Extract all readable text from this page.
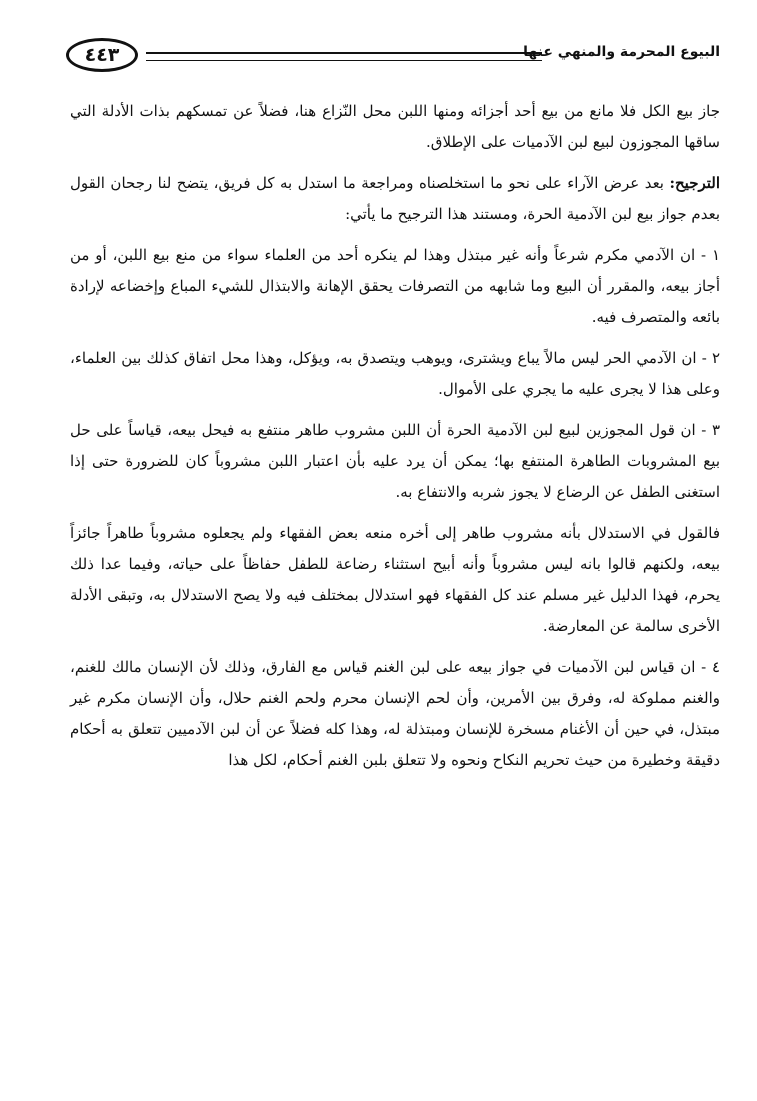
البيوع المحرمة والمنهي عنها
٤٤٣

جاز بيع الكل فلا مانع من بيع أحد أجزائه ومنها اللبن محل النّزاع هنا، فضلاً عن تمسكهم بذات الأدلة التي ساقها المجوزون لبيع لبن الآدميات على الإطلاق.

الترجيح: بعد عرض الآراء على نحو ما استخلصناه ومراجعة ما استدل به كل فريق، يتضح لنا رجحان القول بعدم جواز بيع لبن الآدمية الحرة، ومستند هذا الترجيح ما يأتي:

١ - ان الآدمي مكرم شرعاً وأنه غير مبتذل وهذا لم ينكره أحد من العلماء سواء من منع بيع اللبن، أو من أجاز بيعه، والمقرر أن البيع وما شابهه من التصرفات يحقق الإهانة والابتذال للشيء المباع وإخضاعه لإرادة بائعه والمتصرف فيه.

٢ - ان الآدمي الحر ليس مالاً يباع ويشترى، ويوهب ويتصدق به، ويؤكل، وهذا محل اتفاق كذلك بين العلماء، وعلى هذا لا يجرى عليه ما يجري على الأموال.

٣ - ان قول المجوزين لبيع لبن الآدمية الحرة أن اللبن مشروب طاهر منتفع به فيحل بيعه، قياساً على حل بيع المشروبات الطاهرة المنتفع بها؛ يمكن أن يرد عليه بأن اعتبار اللبن مشروباً كان للضرورة حتى إذا استغنى الطفل عن الرضاع لا يجوز شربه والانتفاع به.

فالقول في الاستدلال بأنه مشروب طاهر إلى أخره منعه بعض الفقهاء ولم يجعلوه مشروباً طاهراً جائزاً بيعه، ولكنهم قالوا بانه ليس مشروباً وأنه أبيح استثناء رضاعة للطفل حفاظاً على حياته، وفيما عدا ذلك يحرم، فهذا الدليل غير مسلم عند كل الفقهاء فهو استدلال بمختلف فيه ولا يصح الاستدلال به، وتبقى الأدلة الأخرى سالمة عن المعارضة.

٤ - ان قياس لبن الآدميات في جواز بيعه على لبن الغنم قياس مع الفارق، وذلك لأن الإنسان مالك للغنم، والغنم مملوكة له، وفرق بين الأمرين، وأن لحم الإنسان محرم ولحم الغنم حلال، وأن الإنسان مكرم غير مبتذل، في حين أن الأغنام مسخرة للإنسان ومبتذلة له، وهذا كله فضلاً عن أن لبن الآدميين تتعلق به أحكام دقيقة وخطيرة من حيث تحريم النكاح ونحوه ولا تتعلق بلبن الغنم أحكام، لكل هذا
